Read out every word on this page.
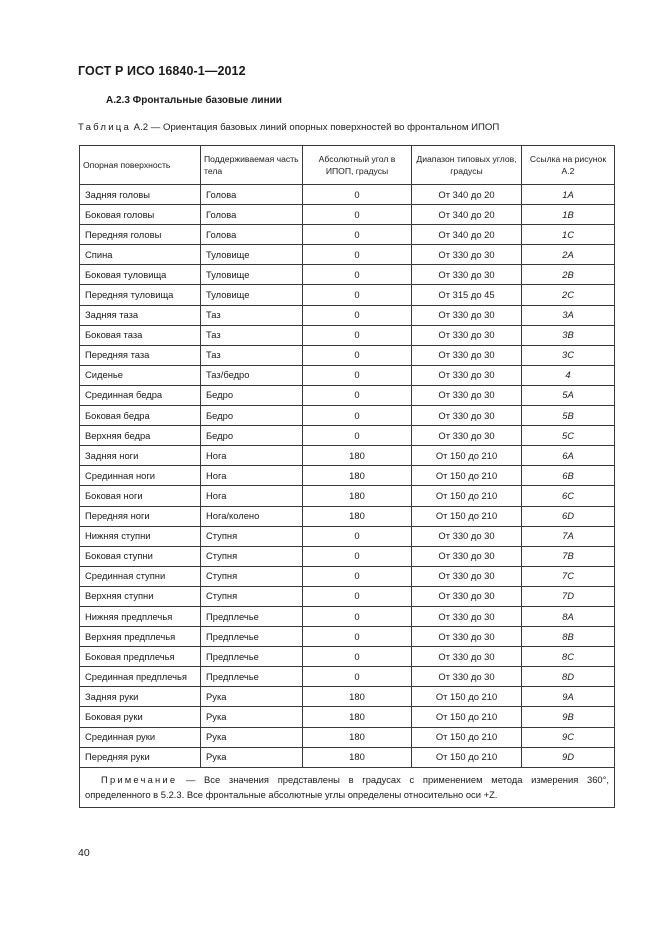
ГОСТ Р ИСО 16840-1—2012
А.2.3 Фронтальные базовые линии
Таблица А.2 — Ориентация базовых линий опорных поверхностей во фронтальном ИПОП
Опорная поверхность	Поддерживаемая часть тела	Абсолютный угол в ИПОП, градусы	Диапазон типовых углов, градусы	Ссылка на рисунок А.2
Задняя головы	Голова	0	От 340 до 20	1A
Боковая головы	Голова	0	От 340 до 20	1B
Передняя головы	Голова	0	От 340 до 20	1C
Спина	Туловище	0	От 330 до 30	2A
Боковая туловища	Туловище	0	От 330 до 30	2B
Передняя туловища	Туловище	0	От 315 до 45	2C
Задняя таза	Таз	0	От 330 до 30	3A
Боковая таза	Таз	0	От 330 до 30	3B
Передняя таза	Таз	0	От 330 до 30	3C
Сиденье	Таз/бедро	0	От 330 до 30	4
Срединная бедра	Бедро	0	От 330 до 30	5A
Боковая бедра	Бедро	0	От 330 до 30	5B
Верхняя бедра	Бедро	0	От 330 до 30	5C
Задняя ноги	Нога	180	От 150 до 210	6A
Срединная ноги	Нога	180	От 150 до 210	6B
Боковая ноги	Нога	180	От 150 до 210	6C
Передняя ноги	Нога/колено	180	От 150 до 210	6D
Нижняя ступни	Ступня	0	От 330 до 30	7A
Боковая ступни	Ступня	0	От 330 до 30	7B
Срединная ступни	Ступня	0	От 330 до 30	7C
Верхняя ступни	Ступня	0	От 330 до 30	7D
Нижняя предплечья	Предплечье	0	От 330 до 30	8A
Верхняя предплечья	Предплечье	0	От 330 до 30	8B
Боковая предплечья	Предплечье	0	От 330 до 30	8C
Срединная предплечья	Предплечье	0	От 330 до 30	8D
Задняя руки	Рука	180	От 150 до 210	9A
Боковая руки	Рука	180	От 150 до 210	9B
Срединная руки	Рука	180	От 150 до 210	9C
Передняя руки	Рука	180	От 150 до 210	9D
Примечание — Все значения представлены в градусах с применением метода измерения 360°, определенного в 5.2.3. Все фронтальные абсолютные углы определены относительно оси +Z.				
40
